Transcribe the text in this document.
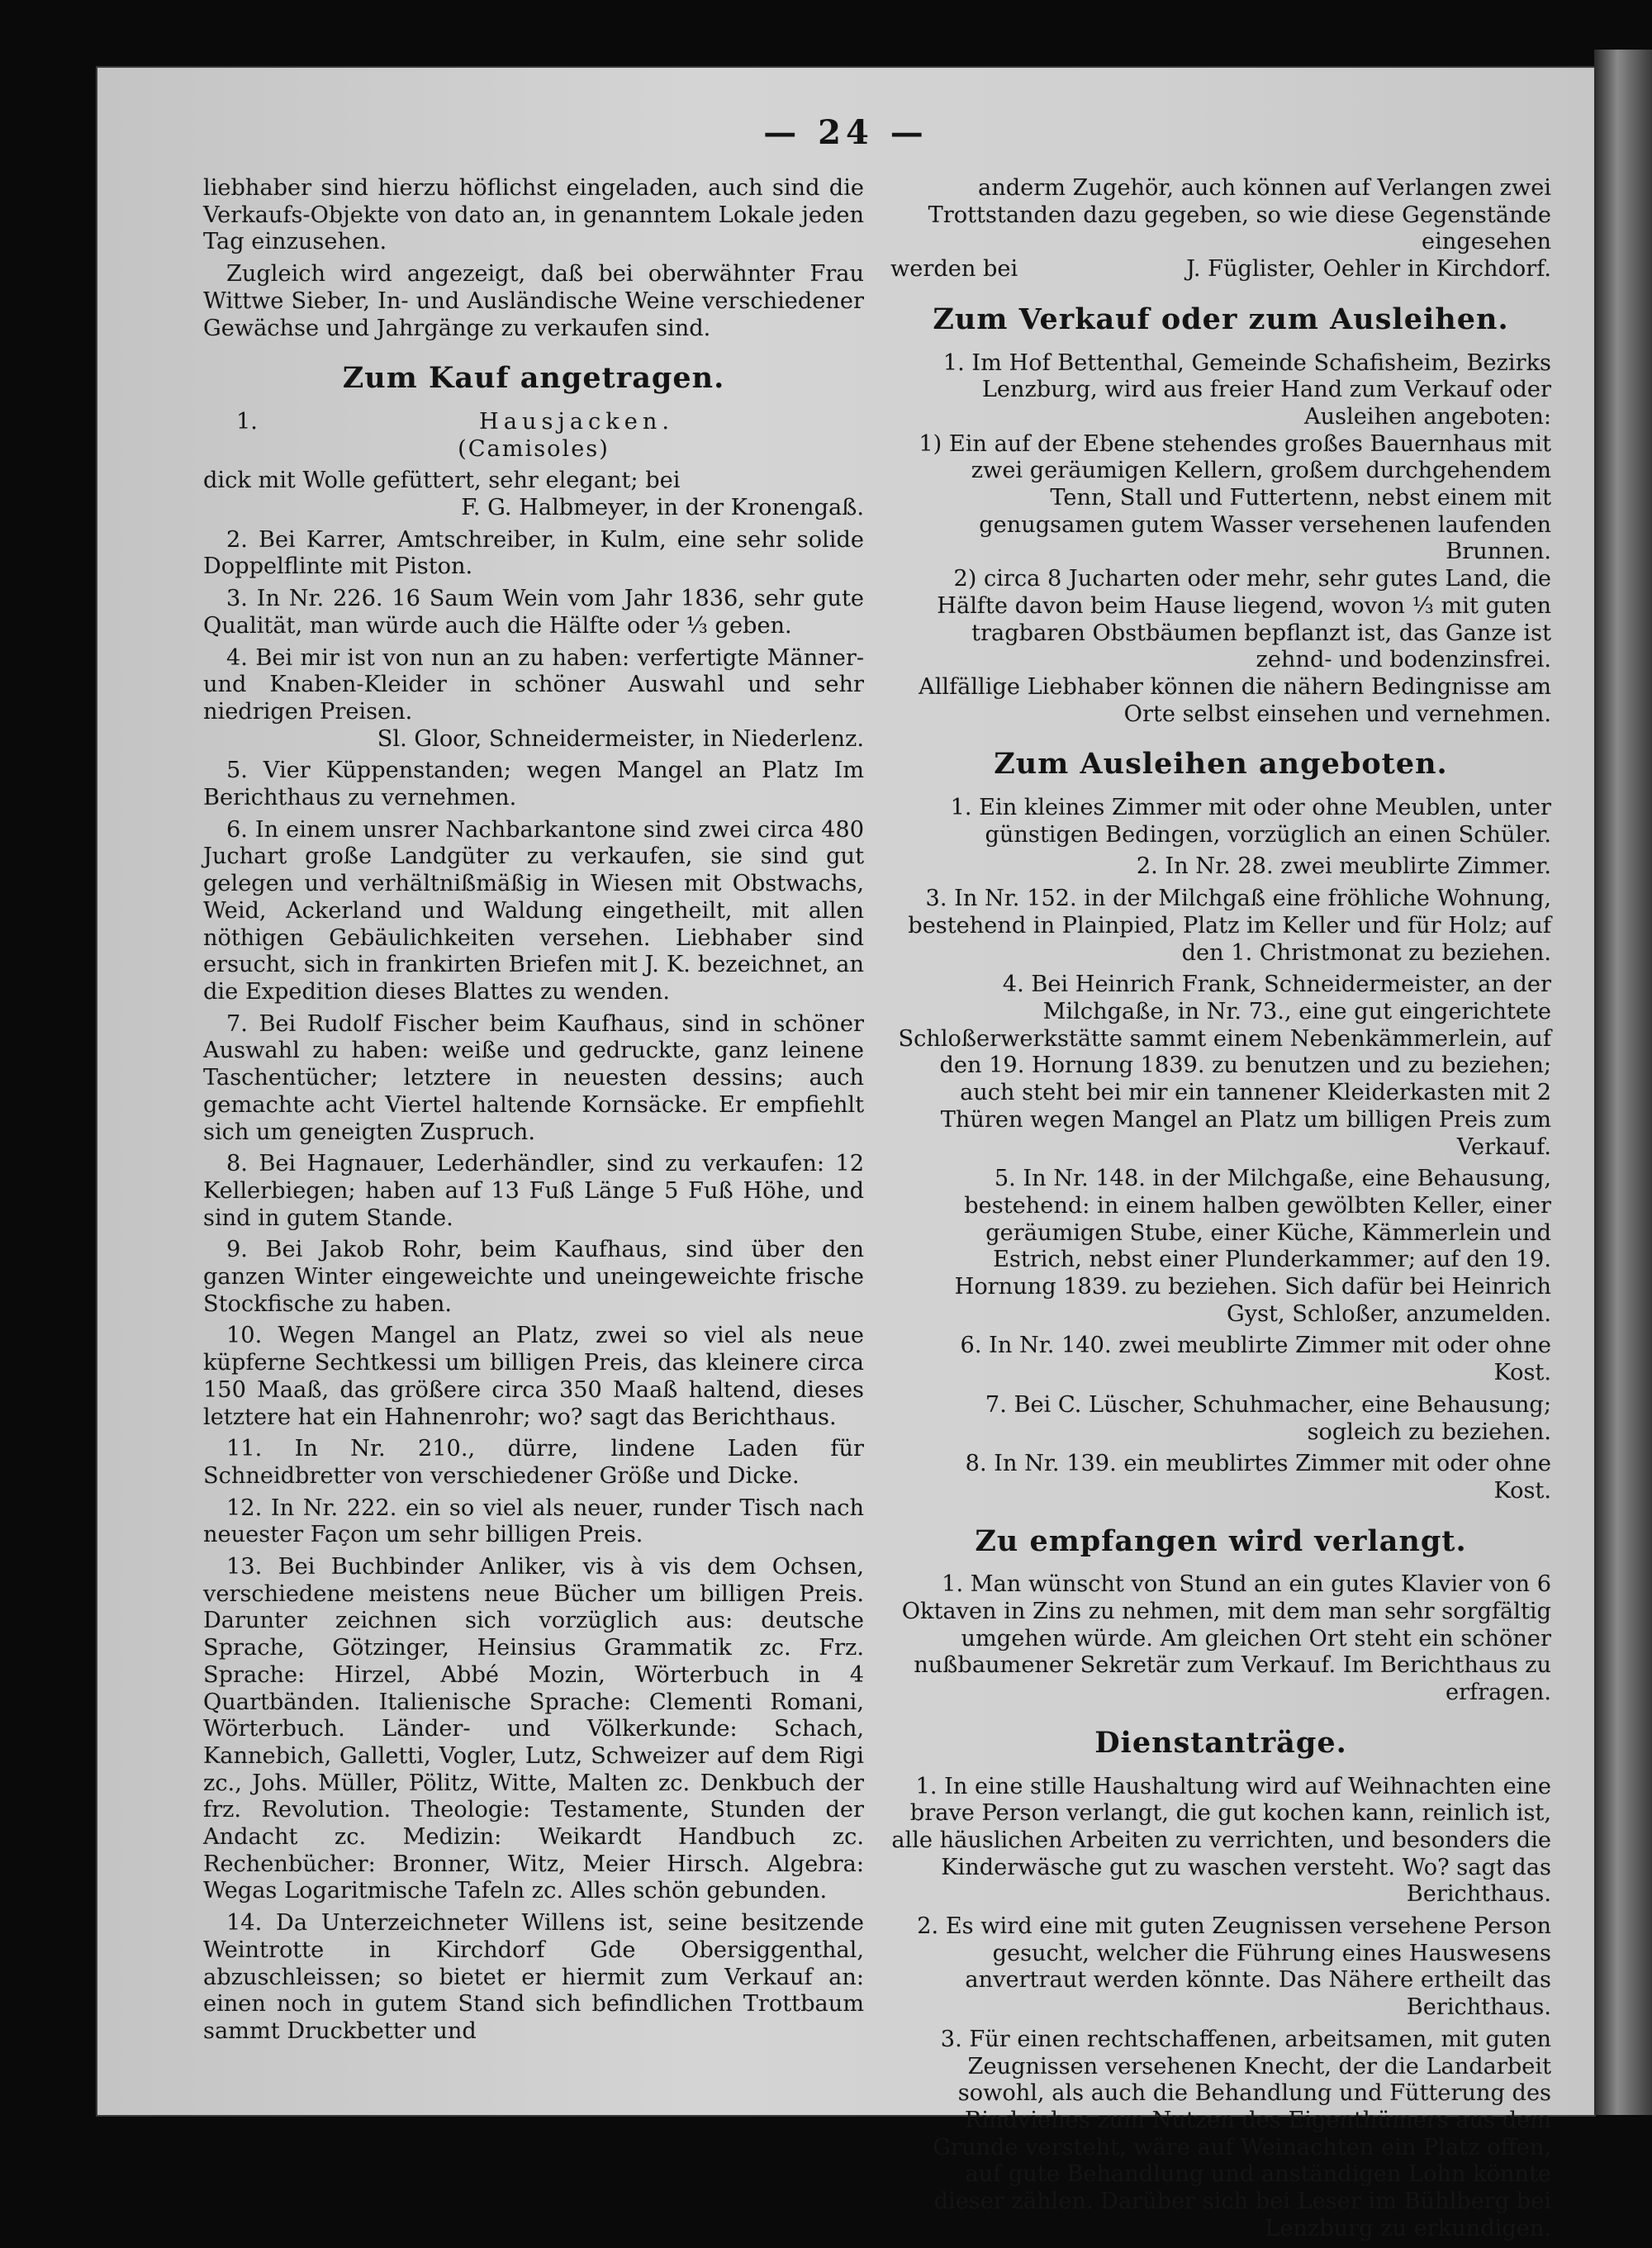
— 24 —

liebhaber sind hierzu höflichst eingeladen, auch sind die Verkaufs-Objekte von dato an, in genanntem Lokale jeden Tag einzusehen.

Zugleich wird angezeigt, daß bei oberwähnter Frau Wittwe Sieber, In- und Ausländische Weine verschiedener Gewächse und Jahrgänge zu verkaufen sind.

Zum Kauf angetragen.
1.	Hausjacken.

(Camisoles)

dick mit Wolle gefüttert, sehr elegant; bei

F. G. Halbmeyer, in der Kronengaß.

2. Bei Karrer, Amtschreiber, in Kulm, eine sehr solide Doppelflinte mit Piston.

3. In Nr. 226. 16 Saum Wein vom Jahr 1836, sehr gute Qualität, man würde auch die Hälfte oder ⅓ geben.

4. Bei mir ist von nun an zu haben: verfertigte Männer- und Knaben-Kleider in schöner Auswahl und sehr niedrigen Preisen.

Sl. Gloor, Schneidermeister, in Niederlenz.

5. Vier Küppenstanden; wegen Mangel an Platz Im Berichthaus zu vernehmen.

6. In einem unsrer Nachbarkantone sind zwei circa 480 Juchart große Landgüter zu verkaufen, sie sind gut gelegen und verhältnißmäßig in Wiesen mit Obstwachs, Weid, Ackerland und Waldung eingetheilt, mit allen nöthigen Gebäulichkeiten versehen. Liebhaber sind ersucht, sich in frankirten Briefen mit J. K. bezeichnet, an die Expedition dieses Blattes zu wenden.

7. Bei Rudolf Fischer beim Kaufhaus, sind in schöner Auswahl zu haben: weiße und gedruckte, ganz leinene Taschentücher; letztere in neuesten dessins; auch gemachte acht Viertel haltende Kornsäcke. Er empfiehlt sich um geneigten Zuspruch.

8. Bei Hagnauer, Lederhändler, sind zu verkaufen: 12 Kellerbiegen; haben auf 13 Fuß Länge 5 Fuß Höhe, und sind in gutem Stande.

9. Bei Jakob Rohr, beim Kaufhaus, sind über den ganzen Winter eingeweichte und uneingeweichte frische Stockfische zu haben.

10. Wegen Mangel an Platz, zwei so viel als neue küpferne Sechtkessi um billigen Preis, das kleinere circa 150 Maaß, das größere circa 350 Maaß haltend, dieses letztere hat ein Hahnenrohr; wo? sagt das Berichthaus.

11. In Nr. 210., dürre, lindene Laden für Schneidbretter von verschiedener Größe und Dicke.

12. In Nr. 222. ein so viel als neuer, runder Tisch nach neuester Façon um sehr billigen Preis.

13. Bei Buchbinder Anliker, vis à vis dem Ochsen, verschiedene meistens neue Bücher um billigen Preis. Darunter zeichnen sich vorzüglich aus: deutsche Sprache, Götzinger, Heinsius Grammatik zc. Frz. Sprache: Hirzel, Abbé Mozin, Wörterbuch in 4 Quartbänden. Italienische Sprache: Clementi Romani, Wörterbuch. Länder- und Völkerkunde: Schach, Kannebich, Galletti, Vogler, Lutz, Schweizer auf dem Rigi zc., Johs. Müller, Pölitz, Witte, Malten zc. Denkbuch der frz. Revolution. Theologie: Testamente, Stunden der Andacht zc. Medizin: Weikardt Handbuch zc. Rechenbücher: Bronner, Witz, Meier Hirsch. Algebra: Wegas Logaritmische Tafeln zc. Alles schön gebunden.

14. Da Unterzeichneter Willens ist, seine besitzende Weintrotte in Kirchdorf Gde Obersiggenthal, abzuschleissen; so bietet er hiermit zum Verkauf an: einen noch in gutem Stand sich befindlichen Trottbaum sammt Druckbetter und

anderm Zugehör, auch können auf Verlangen zwei Trottstanden dazu gegeben, so wie diese Gegenstände eingesehen

werden bei	J. Füglister, Oehler in Kirchdorf.

Zum Verkauf oder zum Ausleihen.

1. Im Hof Bettenthal, Gemeinde Schafisheim, Bezirks Lenzburg, wird aus freier Hand zum Verkauf oder Ausleihen angeboten:

1) Ein auf der Ebene stehendes großes Bauernhaus mit zwei geräumigen Kellern, großem durchgehendem Tenn, Stall und Futtertenn, nebst einem mit genugsamen gutem Wasser versehenen laufenden Brunnen.

2) circa 8 Jucharten oder mehr, sehr gutes Land, die Hälfte davon beim Hause liegend, wovon ⅓ mit guten tragbaren Obstbäumen bepflanzt ist, das Ganze ist zehnd- und bodenzinsfrei.

Allfällige Liebhaber können die nähern Bedingnisse am Orte selbst einsehen und vernehmen.

Zum Ausleihen angeboten.

1. Ein kleines Zimmer mit oder ohne Meublen, unter günstigen Bedingen, vorzüglich an einen Schüler.

2. In Nr. 28. zwei meublirte Zimmer.

3. In Nr. 152. in der Milchgaß eine fröhliche Wohnung, bestehend in Plainpied, Platz im Keller und für Holz; auf den 1. Christmonat zu beziehen.

4. Bei Heinrich Frank, Schneidermeister, an der Milchgaße, in Nr. 73., eine gut eingerichtete Schloßerwerkstätte sammt einem Nebenkämmerlein, auf den 19. Hornung 1839. zu benutzen und zu beziehen; auch steht bei mir ein tannener Kleiderkasten mit 2 Thüren wegen Mangel an Platz um billigen Preis zum Verkauf.

5. In Nr. 148. in der Milchgaße, eine Behausung, bestehend: in einem halben gewölbten Keller, einer geräumigen Stube, einer Küche, Kämmerlein und Estrich, nebst einer Plunderkammer; auf den 19. Hornung 1839. zu beziehen. Sich dafür bei Heinrich Gyst, Schloßer, anzumelden.

6. In Nr. 140. zwei meublirte Zimmer mit oder ohne Kost.

7. Bei C. Lüscher, Schuhmacher, eine Behausung; sogleich zu beziehen.

8. In Nr. 139. ein meublirtes Zimmer mit oder ohne Kost.

Zu empfangen wird verlangt.

1. Man wünscht von Stund an ein gutes Klavier von 6 Oktaven in Zins zu nehmen, mit dem man sehr sorgfältig umgehen würde. Am gleichen Ort steht ein schöner nußbaumener Sekretär zum Verkauf. Im Berichthaus zu erfragen.

Dienstanträge.

1. In eine stille Haushaltung wird auf Weihnachten eine brave Person verlangt, die gut kochen kann, reinlich ist, alle häuslichen Arbeiten zu verrichten, und besonders die Kinderwäsche gut zu waschen versteht. Wo? sagt das Berichthaus.

2. Es wird eine mit guten Zeugnissen versehene Person gesucht, welcher die Führung eines Hauswesens anvertraut werden könnte. Das Nähere ertheilt das Berichthaus.

3. Für einen rechtschaffenen, arbeitsamen, mit guten Zeugnissen versehenen Knecht, der die Landarbeit sowohl, als auch die Behandlung und Fütterung des Rindviehes zum Nutzen des Eigenthümers aus dem Grunde versteht, wäre auf Weinachten ein Platz offen, auf gute Behandlung und anständigen Lohn könnte dieser zählen. Darüber sich bei Leser im Bühlberg bei Lenzburg zu erkundigen.
